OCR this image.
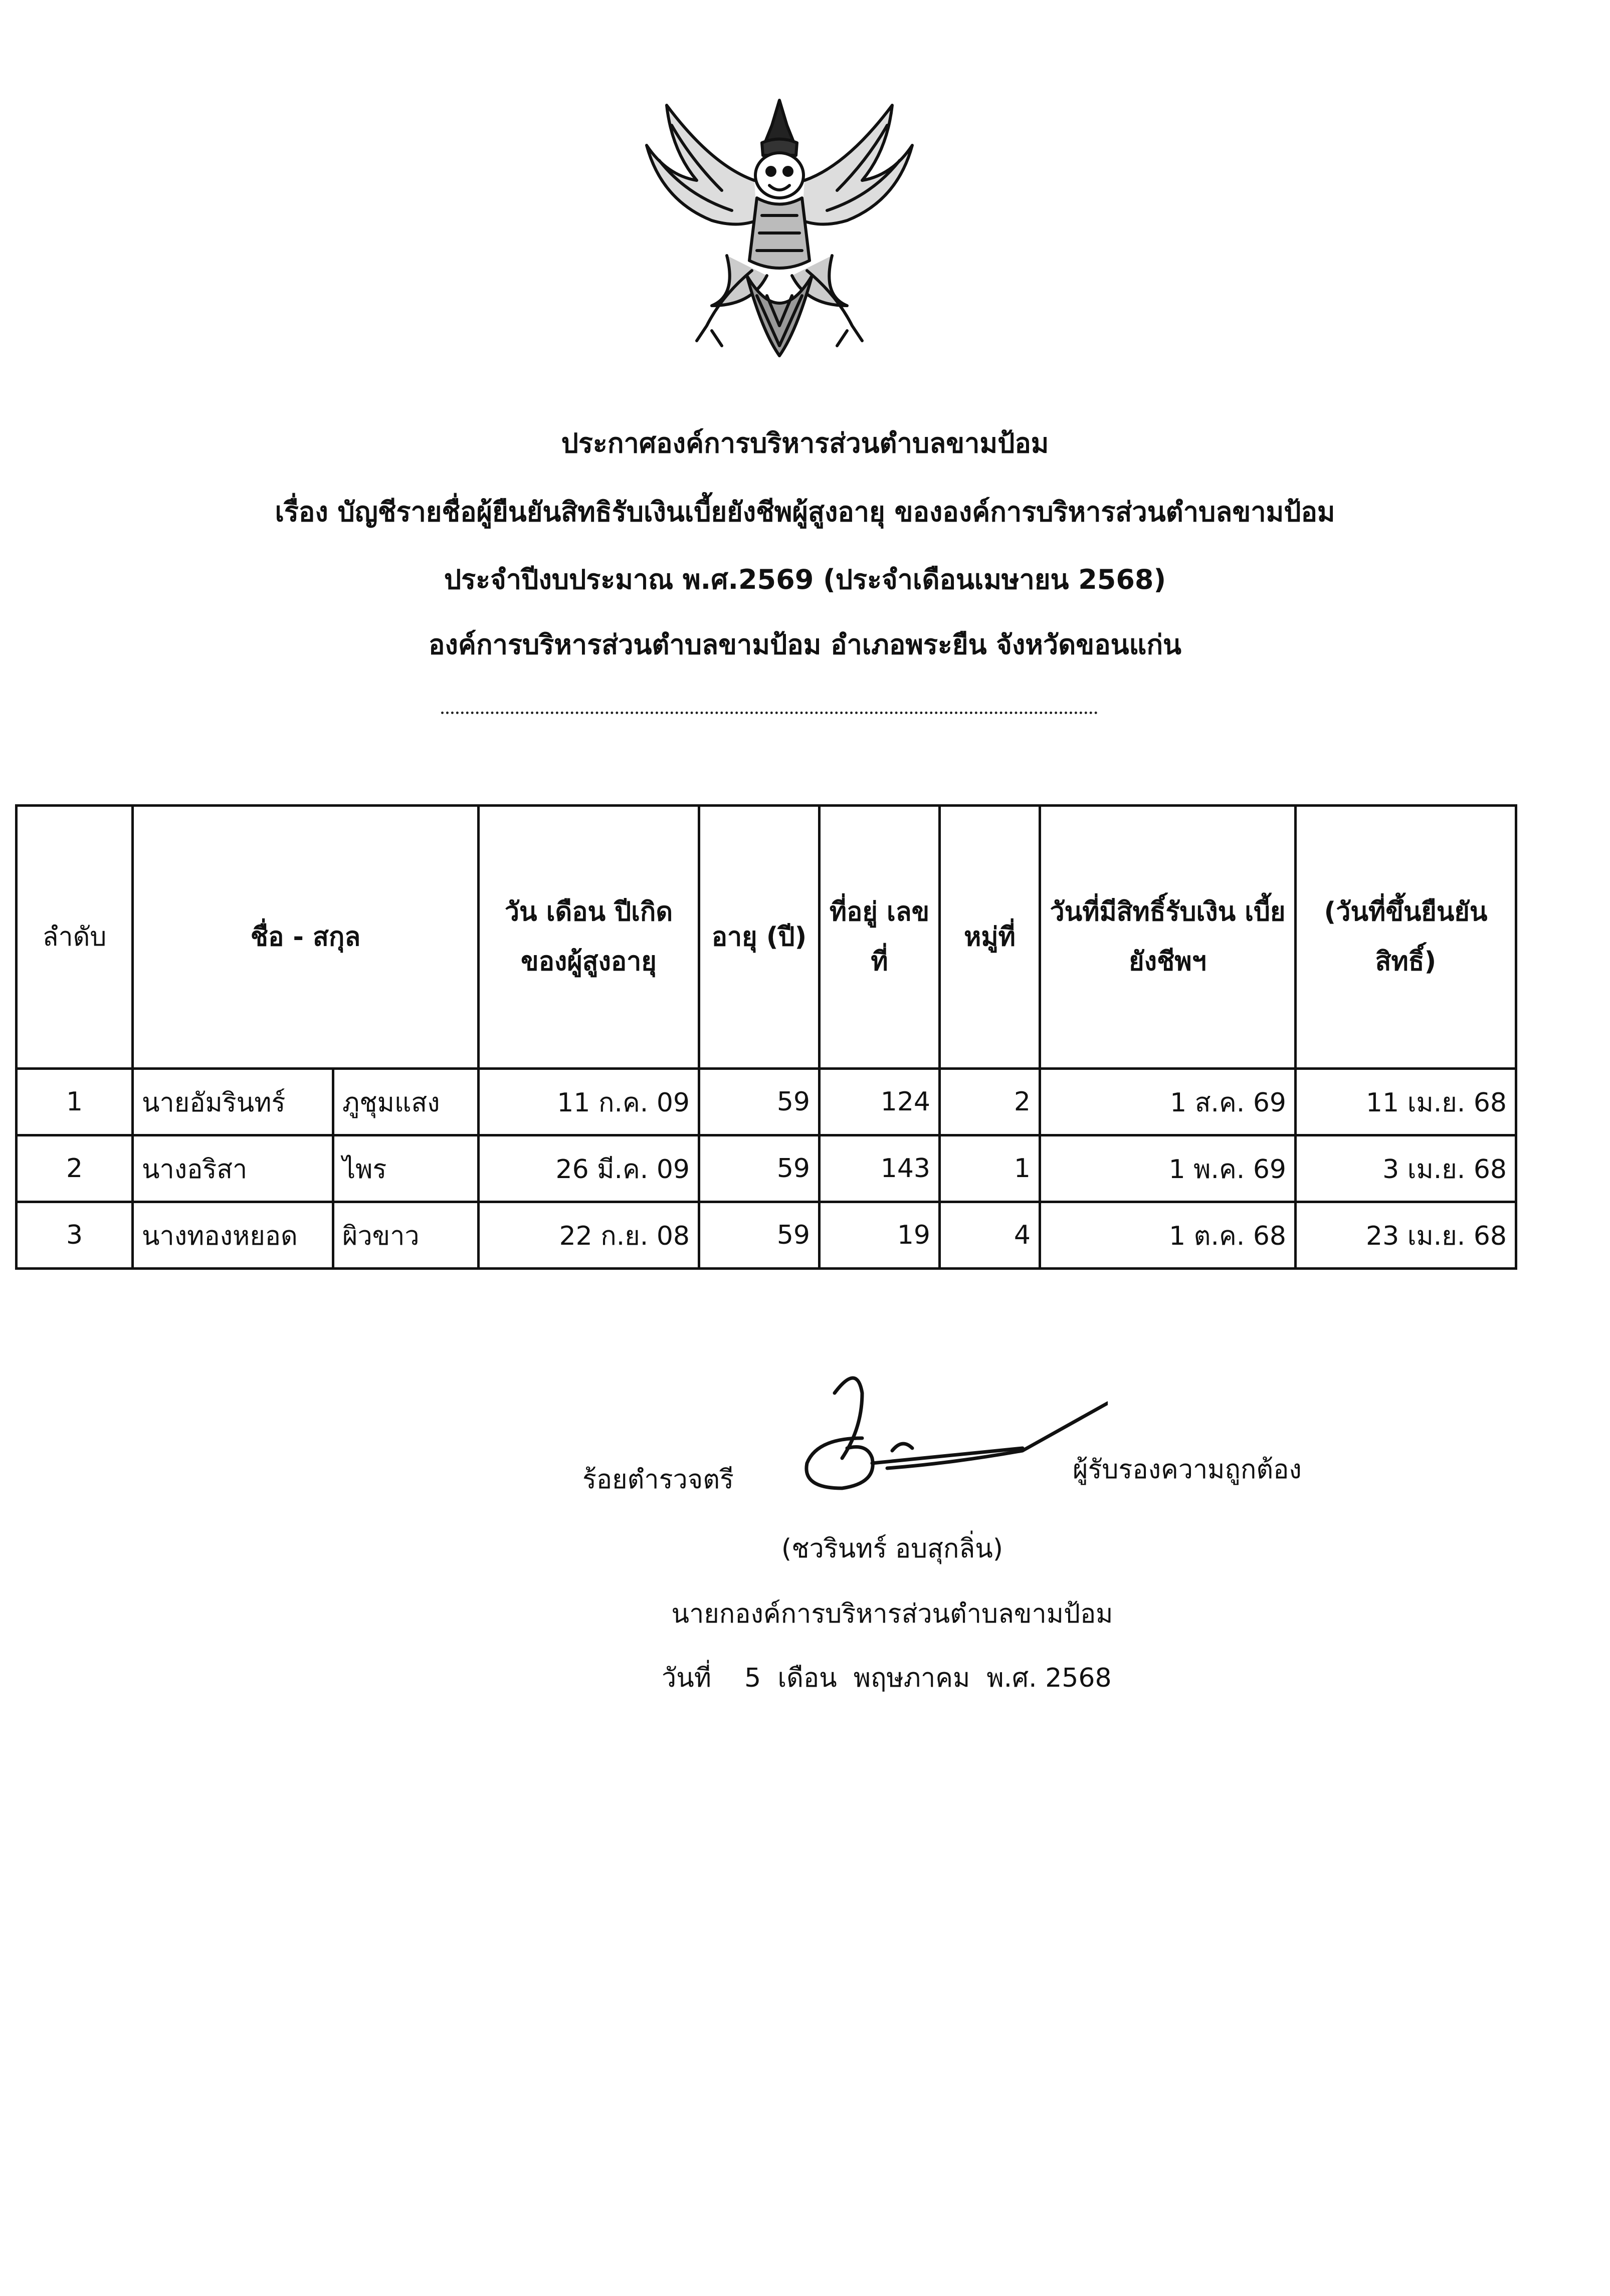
ประกาศองค์การบริหารส่วนตำบลขามป้อม
เรื่อง บัญชีรายชื่อผู้ยืนยันสิทธิรับเงินเบี้ยยังชีพผู้สูงอายุ ขององค์การบริหารส่วนตำบลขามป้อม
ประจำปีงบประมาณ พ.ศ.2569 (ประจำเดือนเมษายน 2568)
องค์การบริหารส่วนตำบลขามป้อม อำเภอพระยืน จังหวัดขอนแก่น
ลำดับ	ชื่อ - สกุล		วัน เดือน ปีเกิด ของผู้สูงอายุ	อายุ (ปี)	ที่อยู่ เลขที่	หมู่ที่	วันที่มีสิทธิ์รับเงิน เบี้ยยังชีพฯ	(วันที่ขึ้นยืนยัน สิทธิ์)
1	นายอัมรินทร์	ภูชุมแสง	11 ก.ค. 09	59	124	2	1 ส.ค. 69	11 เม.ย. 68
2	นางอริสา	ไพร	26 มี.ค. 09	59	143	1	1 พ.ค. 69	3 เม.ย. 68
3	นางทองหยอด	ผิวขาว	22 ก.ย. 08	59	19	4	1 ต.ค. 68	23 เม.ย. 68
ร้อยตำรวจตรี	ผู้รับรองความถูกต้อง
(ชวรินทร์ อบสุกลิ่น)
นายกองค์การบริหารส่วนตำบลขามป้อม
วันที่ 5 เดือน พฤษภาคม พ.ศ. 2568
